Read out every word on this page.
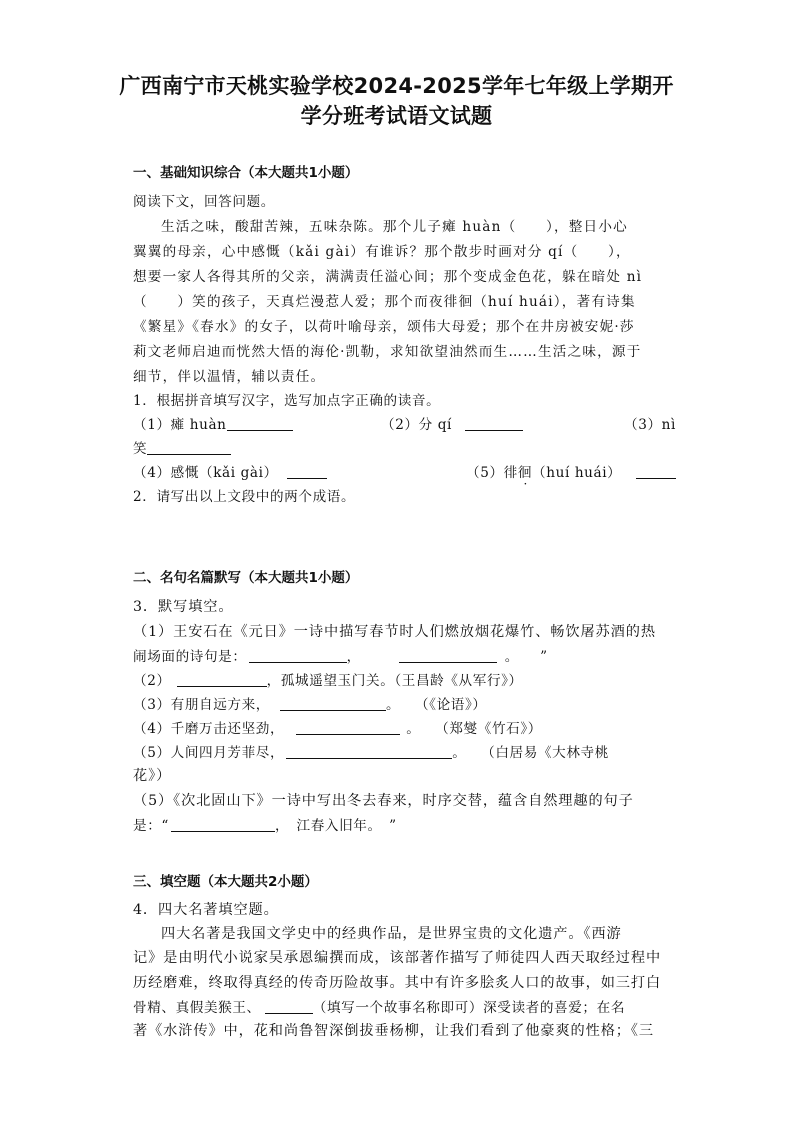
广西南宁市天桃实验学校2024-2025学年七年级上学期开
学分班考试语文试题
一、基础知识综合（本大题共1小题）
阅读下文，回答问题。
生活之味，酸甜苦辣，五味杂陈。那个儿子瘫 huàn（　　），整日小心
翼翼的母亲，心中感慨（kǎi gài）有谁诉？那个散步时画对分 qí（　　），
想要一家人各得其所的父亲，满满责任溢心间；那个变成金色花，躲在暗处 nì
（　　）笑的孩子，天真烂漫惹人爱；那个而夜徘徊（huí huái），著有诗集
《繁星》《春水》的女子，以荷叶喻母亲，颂伟大母爱；那个在井房被安妮·莎
莉文老师启迪而恍然大悟的海伦·凯勒，求知欲望油然而生……生活之味，源于
细节，伴以温情，辅以责任。
1．根据拼音填写汉字，选写加点字正确的读音。
（1）瘫 huàn	（2）分 qí	（3）nì
笑
（4）感慨（kǎi gài）	（5）徘徊（huí huái）
2．请写出以上文段中的两个成语。
二、名句名篇默写（本大题共1小题）
3．默写填空。
（1）王安石在《元日》一诗中描写春节时人们燃放烟花爆竹、畅饮屠苏酒的热
闹场面的诗句是：	，	。 ”
（2）	，孤城遥望玉门关。（王昌龄《从军行》）
（3）有朋自远方来，	。　　（《论语》）
（4）千磨万击还坚劲，	。　　（郑燮《竹石》）
（5）人间四月芳菲尽，	。　　（白居易《大林寺桃
花》）
（5）《次北固山下》一诗中写出冬去春来，时序交替，蕴含自然理趣的句子
是：“	，　江春入旧年。　”
三、填空题（本大题共2小题）
4．四大名著填空题。
四大名著是我国文学史中的经典作品，是世界宝贵的文化遗产。《西游
记》是由明代小说家吴承恩编撰而成，该部著作描写了师徒四人西天取经过程中
历经磨难，终取得真经的传奇历险故事。其中有许多脍炙人口的故事，如三打白
骨精、真假美猴王、	（填写一个故事名称即可）深受读者的喜爱；在名
著《水浒传》中，花和尚鲁智深倒拔垂杨柳，让我们看到了他豪爽的性格；《三
